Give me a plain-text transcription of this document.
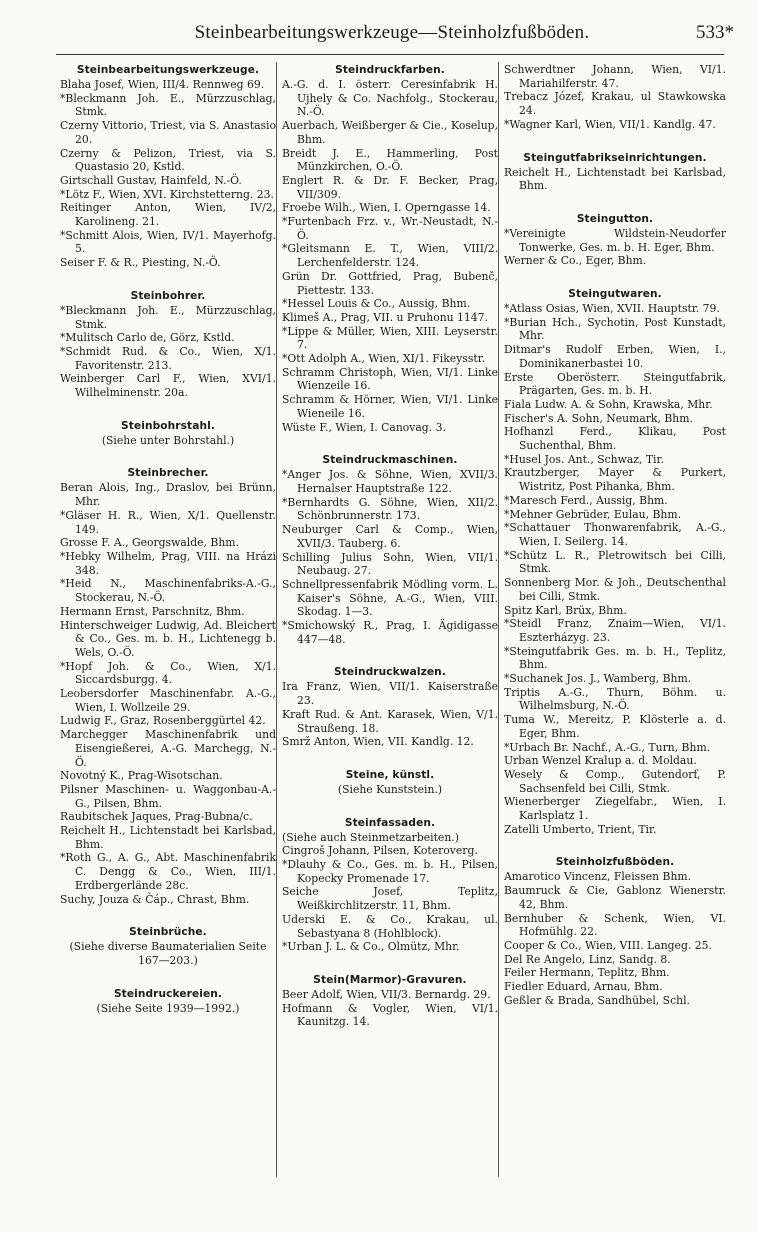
Steinbearbeitungswerkzeuge—Steinholzfußböden.	533*
Steinbearbeitungswerkzeuge.
Blaha Josef, Wien, III/4. Rennweg 69.
*Bleckmann Joh. E., Mürzzuschlag, Stmk.
Czerny Vittorio, Triest, via S. Anastasio 20.
Czerny & Pelizon, Triest, via S. Quastasio 20, Kstld.
Girtschall Gustav, Hainfeld, N.-Ö.
*Lötz F., Wien, XVI. Kirchstetterng. 23.
Reitinger Anton, Wien, IV/2, Karolineng. 21.
*Schmitt Alois, Wien, IV/1. Mayerhofg. 5.
Seiser F. & R., Piesting, N.-Ö.
Steinbohrer.
*Bleckmann Joh. E., Mürzzuschlag, Stmk.
*Mulitsch Carlo de, Görz, Kstld.
*Schmidt Rud. & Co., Wien, X/1. Favoritenstr. 213.
Weinberger Carl F., Wien, XVI/1. Wilhelminenstr. 20a.
Steinbohrstahl.
(Siehe unter Bohrstahl.)
Steinbrecher.
Beran Alois, Ing., Draslov, bei Brünn, Mhr.
*Gläser H. R., Wien, X/1. Quellenstr. 149.
Grosse F. A., Georgswalde, Bhm.
*Hebky Wilhelm, Prag, VIII. na Hrázi 348.
*Heid N., Maschinenfabriks-A.-G., Stockerau, N.-Ö.
Hermann Ernst, Parschnitz, Bhm.
Hinterschweiger Ludwig, Ad. Bleichert & Co., Ges. m. b. H., Lichtenegg b. Wels, O.-Ö.
*Hopf Joh. & Co., Wien, X/1. Siccardsburgg. 4.
Leobersdorfer Maschinenfabr. A.-G., Wien, I. Wollzeile 29.
Ludwig F., Graz, Rosenberggürtel 42.
Marchegger Maschinenfabrik und Eisengießerei, A.-G. Marchegg, N.-Ö.
Novotný K., Prag-Wisotschan.
Pilsner Maschinen- u. Waggonbau-A.-G., Pilsen, Bhm.
Raubitschek Jaques, Prag-Bubna/c.
Reichelt H., Lichtenstadt bei Karlsbad, Bhm.
*Roth G., A. G., Abt. Maschinenfabrik C. Dengg & Co., Wien, III/1. Erdbergerlände 28c.
Suchy, Jouza & Čáp., Chrast, Bhm.
Steinbrüche.
(Siehe diverse Baumaterialien Seite 167—203.)
Steindruckereien.
(Siehe Seite 1939—1992.)
Steindruckfarben.
A.-G. d. I. österr. Ceresinfabrik H. Ujhely & Co. Nachfolg., Stockerau, N.-Ö.
Auerbach, Weißberger & Cie., Koselup, Bhm.
Breidt J. E., Hammerling, Post Münzkirchen, O.-Ö.
Englert R. & Dr. F. Becker, Prag, VII/309.
Froebe Wilh., Wien, I. Operngasse 14.
*Furtenbach Frz. v., Wr.-Neustadt, N.-Ö.
*Gleitsmann E. T., Wien, VIII/2. Lerchenfelderstr. 124.
Grün Dr. Gottfried, Prag, Bubenč, Piettestr. 133.
*Hessel Louis & Co., Aussig, Bhm.
Klimeš A., Prag, VII. u Pruhonu 1147.
*Lippe & Müller, Wien, XIII. Leyserstr. 7.
*Ott Adolph A., Wien, XI/1. Fikeysstr.
Schramm Christoph, Wien, VI/1. Linke Wienzeile 16.
Schramm & Hörner, Wien, VI/1. Linke Wieneile 16.
Wüste F., Wien, I. Canovag. 3.
Steindruckmaschinen.
*Anger Jos. & Söhne, Wien, XVII/3. Hernalser Hauptstraße 122.
*Bernhardts G. Söhne, Wien, XII/2. Schönbrunnerstr. 173.
Neuburger Carl & Comp., Wien, XVII/3. Tauberg. 6.
Schilling Julius Sohn, Wien, VII/1. Neubaug. 27.
Schnellpressenfabrik Mödling vorm. L. Kaiser's Söhne, A.-G., Wien, VIII. Skodag. 1—3.
*Smichowský R., Prag, I. Ägidigasse 447—48.
Steindruckwalzen.
Ira Franz, Wien, VII/1. Kaiserstraße 23.
Kraft Rud. & Ant. Karasek, Wien, V/1. Straußeng. 18.
Smrž Anton, Wien, VII. Kandlg. 12.
Steine, künstl.
(Siehe Kunststein.)
Steinfassaden.
(Siehe auch Steinmetzarbeiten.)
Cingroš Johann, Pilsen, Koteroverg.
*Dlauhy & Co., Ges. m. b. H., Pilsen, Kopecky Promenade 17.
Seiche Josef, Teplitz, Weißkirchlitzerstr. 11, Bhm.
Uderski E. & Co., Krakau, ul. Sebastyana 8 (Hohlblock).
*Urban J. L. & Co., Olmütz, Mhr.
Stein(Marmor)-Gravuren.
Beer Adolf, Wien, VII/3. Bernardg. 29.
Hofmann & Vogler, Wien, VI/1. Kaunitzg. 14.
Schwerdtner Johann, Wien, VI/1. Mariahilferstr. 47.
Trebacz Józef, Krakau, ul Stawkowska 24.
*Wagner Karl, Wien, VII/1. Kandlg. 47.
Steingutfabrikseinrichtungen.
Reichelt H., Lichtenstadt bei Karlsbad, Bhm.
Steingutton.
*Vereinigte Wildstein-Neudorfer Tonwerke, Ges. m. b. H. Eger, Bhm.
Werner & Co., Eger, Bhm.
Steingutwaren.
*Atlass Osias, Wien, XVII. Hauptstr. 79.
*Burian Hch., Sychotin, Post Kunstadt, Mhr.
Ditmar's Rudolf Erben, Wien, I., Dominikanerbastei 10.
Erste Oberösterr. Steingutfabrik, Prägarten, Ges. m. b. H.
Fiala Ludw. A. & Sohn, Krawska, Mhr.
Fischer's A. Sohn, Neumark, Bhm.
Hofhanzl Ferd., Klikau, Post Suchenthal, Bhm.
*Husel Jos. Ant., Schwaz, Tir.
Krautzberger, Mayer & Purkert, Wistritz, Post Pihanka, Bhm.
*Maresch Ferd., Aussig, Bhm.
*Mehner Gebrüder, Eulau, Bhm.
*Schattauer Thonwarenfabrik, A.-G., Wien, I. Seilerg. 14.
*Schütz L. R., Pletrowitsch bei Cilli, Stmk.
Sonnenberg Mor. & Joh., Deutschenthal bei Cilli, Stmk.
Spitz Karl, Brüx, Bhm.
*Steidl Franz, Znaim—Wien, VI/1. Eszterházyg. 23.
*Steingutfabrik Ges. m. b. H., Teplitz, Bhm.
*Suchanek Jos. J., Wamberg, Bhm.
Triptis A.-G., Thurn, Böhm. u. Wilhelmsburg, N.-Ö.
Tuma W., Mereitz, P. Klösterle a. d. Eger, Bhm.
*Urbach Br. Nachf., A.-G., Turn, Bhm.
Urban Wenzel Kralup a. d. Moldau.
Wesely & Comp., Gutendorf, P. Sachsenfeld bei Cilli, Stmk.
Wienerberger Ziegelfabr., Wien, I. Karlsplatz 1.
Zatelli Umberto, Trient, Tir.
Steinholzfußböden.
Amarotico Vincenz, Fleissen Bhm.
Baumruck & Cie, Gablonz Wienerstr. 42, Bhm.
Bernhuber & Schenk, Wien, VI. Hofmühlg. 22.
Cooper & Co., Wien, VIII. Langeg. 25.
Del Re Angelo, Linz, Sandg. 8.
Feiler Hermann, Teplitz, Bhm.
Fiedler Eduard, Arnau, Bhm.
Geßler & Brada, Sandhübel, Schl.
